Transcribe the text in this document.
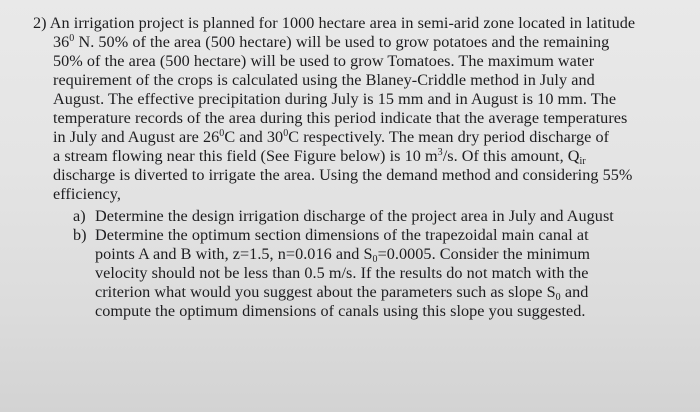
2) An irrigation project is planned for 1000 hectare area in semi-arid zone located in latitude
$36^0$ N. 50% of the area (500 hectare) will be used to grow potatoes and the remaining
50% of the area (500 hectare) will be used to grow Tomatoes. The maximum water
requirement of the crops is calculated using the Blaney-Criddle method in July and
August. The effective precipitation during July is 15 mm and in August is 10 mm. The
temperature records of the area during this period indicate that the average temperatures
in July and August are $26^0C$ and $30^0C$ respectively. The mean dry period discharge of
a stream flowing near this field (See Figure below) is 10 $m^3/s$. Of this amount, $Q_{ir}$
discharge is diverted to irrigate the area. Using the demand method and considering 55%
efficiency,
a) Determine the design irrigation discharge of the project area in July and August
b) Determine the optimum section dimensions of the trapezoidal main canal at
points A and B with, z=1.5, n=0.016 and $S_0=0.0005$. Consider the minimum
velocity should not be less than 0.5 m/s. If the results do not match with the
criterion what would you suggest about the parameters such as slope $S_0$ and
compute the optimum dimensions of canals using this slope you suggested.
